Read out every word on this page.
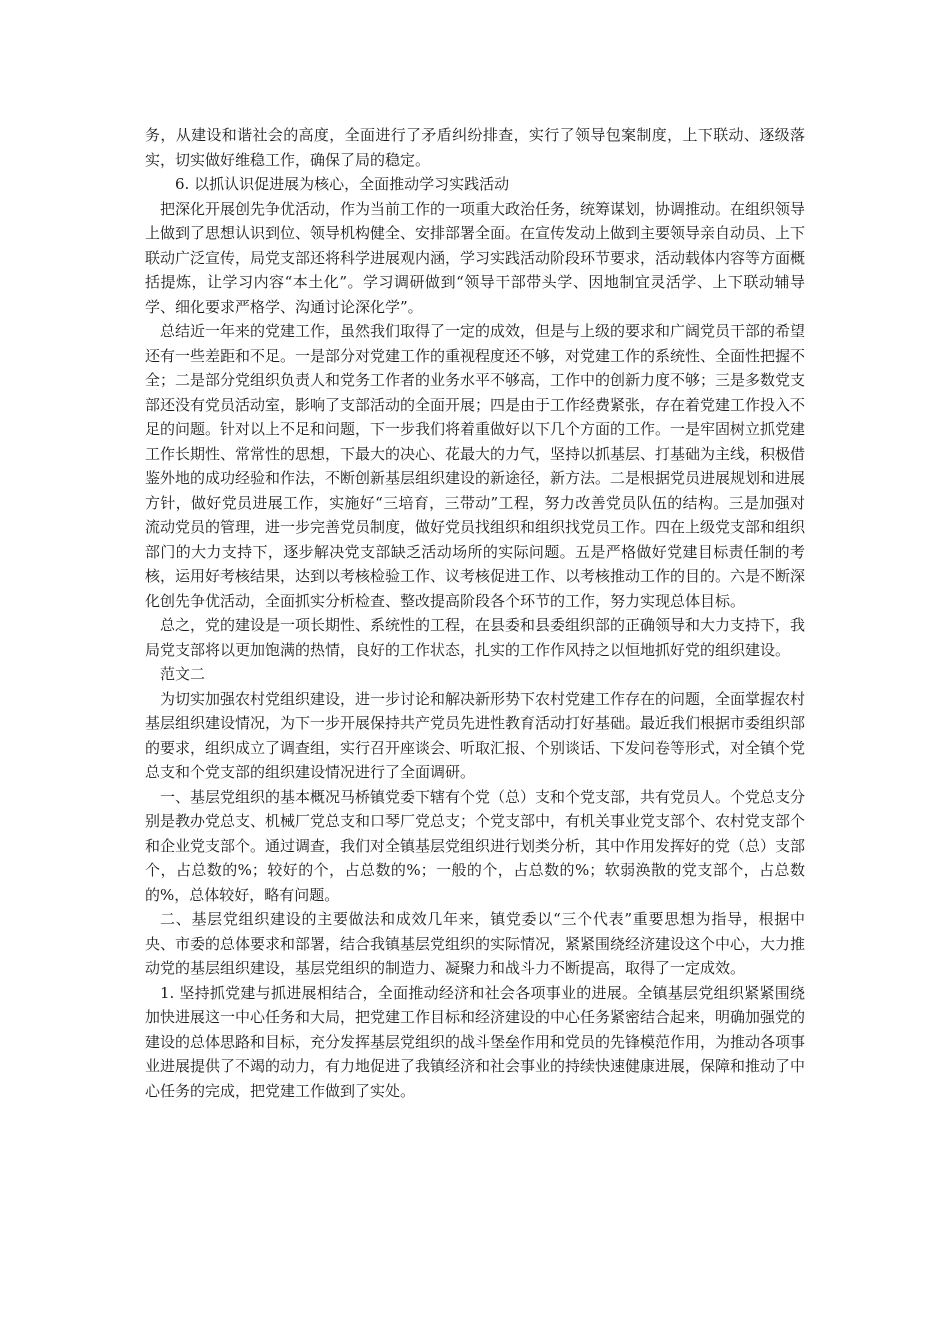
务，从建设和谐社会的高度，全面进行了矛盾纠纷排查，实行了领导包案制度，上下联动、逐级落实，切实做好维稳工作，确保了局的稳定。

6. 以抓认识促进展为核心，全面推动学习实践活动

把深化开展创先争优活动，作为当前工作的一项重大政治任务，统筹谋划，协调推动。在组织领导上做到了思想认识到位、领导机构健全、安排部署全面。在宣传发动上做到主要领导亲自动员、上下联动广泛宣传，局党支部还将科学进展观内涵，学习实践活动阶段环节要求，活动载体内容等方面概括提炼，让学习内容“本土化”。学习调研做到“领导干部带头学、因地制宜灵活学、上下联动辅导学、细化要求严格学、沟通讨论深化学”。

总结近一年来的党建工作，虽然我们取得了一定的成效，但是与上级的要求和广阔党员干部的希望还有一些差距和不足。一是部分对党建工作的重视程度还不够，对党建工作的系统性、全面性把握不全；二是部分党组织负责人和党务工作者的业务水平不够高，工作中的创新力度不够；三是多数党支部还没有党员活动室，影响了支部活动的全面开展；四是由于工作经费紧张，存在着党建工作投入不足的问题。针对以上不足和问题，下一步我们将着重做好以下几个方面的工作。一是牢固树立抓党建工作长期性、常常性的思想，下最大的决心、花最大的力气，坚持以抓基层、打基础为主线，积极借鉴外地的成功经验和作法，不断创新基层组织建设的新途径，新方法。二是根据党员进展规划和进展方针，做好党员进展工作，实施好“三培育，三带动”工程，努力改善党员队伍的结构。三是加强对流动党员的管理，进一步完善党员制度，做好党员找组织和组织找党员工作。四在上级党支部和组织部门的大力支持下，逐步解决党支部缺乏活动场所的实际问题。五是严格做好党建目标责任制的考核，运用好考核结果，达到以考核检验工作、议考核促进工作、以考核推动工作的目的。六是不断深化创先争优活动，全面抓实分析检查、整改提高阶段各个环节的工作，努力实现总体目标。

总之，党的建设是一项长期性、系统性的工程，在县委和县委组织部的正确领导和大力支持下，我局党支部将以更加饱满的热情，良好的工作状态，扎实的工作作风持之以恒地抓好党的组织建设。

范文二

为切实加强农村党组织建设，进一步讨论和解决新形势下农村党建工作存在的问题，全面掌握农村基层组织建设情况，为下一步开展保持共产党员先进性教育活动打好基础。最近我们根据市委组织部的要求，组织成立了调查组，实行召开座谈会、听取汇报、个别谈话、下发问卷等形式，对全镇个党总支和个党支部的组织建设情况进行了全面调研。

一、基层党组织的基本概况马桥镇党委下辖有个党（总）支和个党支部，共有党员人。个党总支分别是教办党总支、机械厂党总支和口琴厂党总支；个党支部中，有机关事业党支部个、农村党支部个和企业党支部个。通过调查，我们对全镇基层党组织进行划类分析，其中作用发挥好的党（总）支部个，占总数的%；较好的个，占总数的%；一般的个，占总数的%；软弱涣散的党支部个，占总数的%，总体较好，略有问题。

二、基层党组织建设的主要做法和成效几年来，镇党委以“三个代表”重要思想为指导，根据中央、市委的总体要求和部署，结合我镇基层党组织的实际情况，紧紧围绕经济建设这个中心，大力推动党的基层组织建设，基层党组织的制造力、凝聚力和战斗力不断提高，取得了一定成效。

1. 坚持抓党建与抓进展相结合，全面推动经济和社会各项事业的进展。全镇基层党组织紧紧围绕加快进展这一中心任务和大局，把党建工作目标和经济建设的中心任务紧密结合起来，明确加强党的建设的总体思路和目标，充分发挥基层党组织的战斗堡垒作用和党员的先锋模范作用，为推动各项事业进展提供了不竭的动力，有力地促进了我镇经济和社会事业的持续快速健康进展，保障和推动了中心任务的完成，把党建工作做到了实处。
